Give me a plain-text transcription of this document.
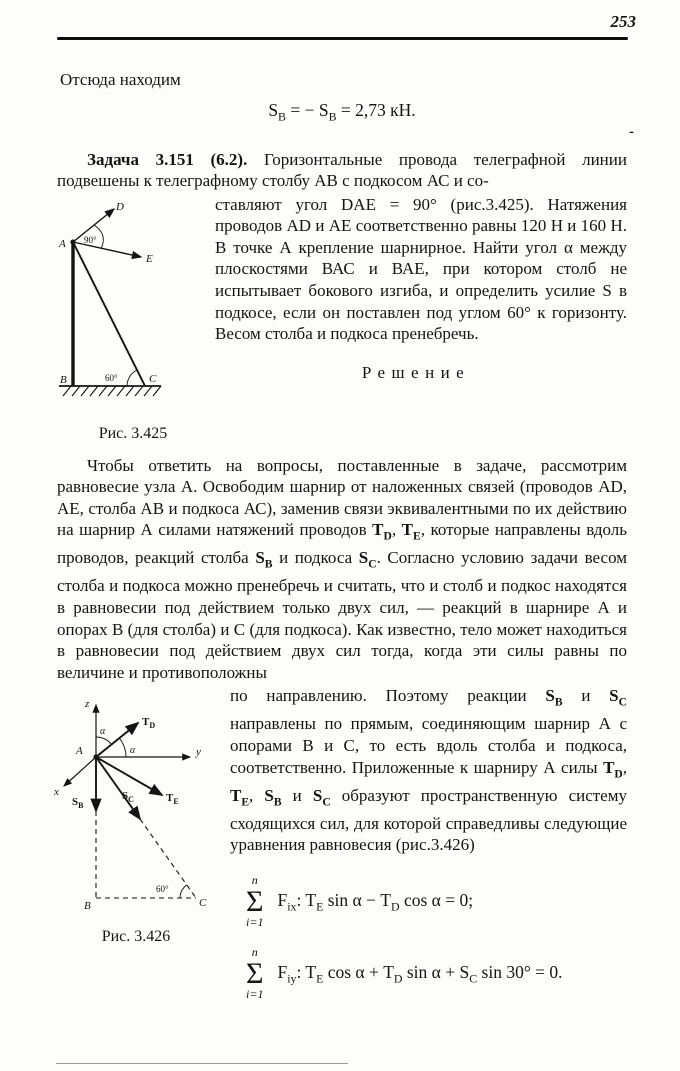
253
-

Отсюда находим

$S_B$ = − $S_B = 2,73$ кН.

Задача 3.151 (6.2). Горизонтальные провода телеграфной линии подвешены к телеграфному столбу АВ с подкосом АС и со-

D
A
E
B	C
90°
60°
Рис. 3.425

ставляют угол DAE = 90° (рис.3.425). Натяжения проводов AD и АЕ соответственно равны 120 Н и 160 Н. В точке А крепление шарнирное. Найти угол α между плоскостями ВАС и ВАЕ, при котором столб не испытывает бокового изгиба, и определить усилие S в подкосе, если он поставлен под углом 60° к горизонту. Весом столба и подкоса пренебречь.

Решение

Чтобы ответить на вопросы, поставленные в задаче, рассмотрим равновесие узла А. Освободим шарнир от наложенных связей (проводов AD, АЕ, столба АВ и подкоса АС), заменив связи эквивалентными по их действию на шарнир А силами натяжений проводов $T_D$, $T_E$, которые направлены вдоль проводов, реакций столба $S_B$ и подкоса $S_C$. Согласно условию задачи весом столба и подкоса можно пренебречь и считать, что и столб и подкос находятся в равновесии под действием только двух сил, — реакций в шарнире А и опорах В (для столба) и С (для подкоса). Как известно, тело может находиться в равновесии под действием двух сил тогда, когда эти силы равны по величине и противоположны

z
y
x
A
B	C
α
α
60°
$T_D$
$T_E$
$S_B$
$S_C$
Рис. 3.426

по направлению. Поэтому реакции $S_B$ и $S_C$ направлены по прямым, соединяющим шарнир А с опорами В и С, то есть вдоль столба и подкоса, соответственно. Приложенные к шарниру А силы $T_D$, $T_E$, $S_B$ и $S_C$ образуют пространственную систему сходящихся сил, для которой справедливы следующие уравнения равновесия (рис.3.426)

n
Σ
i=1
$F_{ix}$: $T_E$ $\sin \alpha - T_D$ cos α = 0;
n
Σ
i=1
$F_{iy}$: $T_E$ $\cos \alpha + T_D$ $\sin \alpha + S_C$ sin 30° = 0.
